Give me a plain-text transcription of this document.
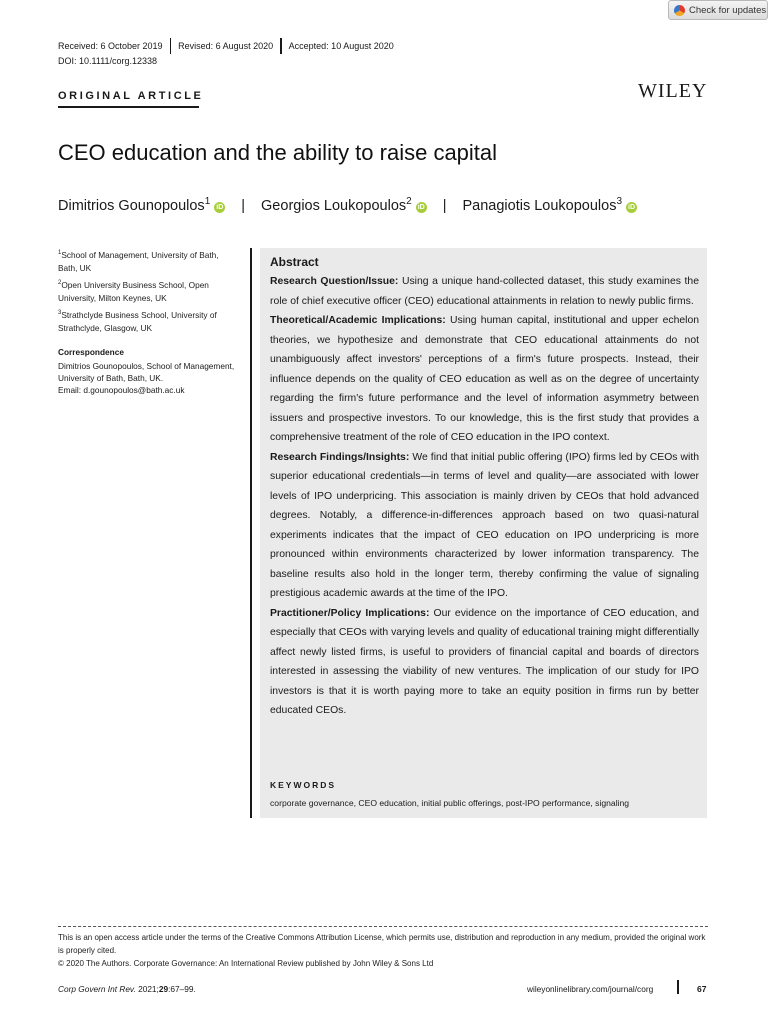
Check for updates
Received: 6 October 2019 Revised: 6 August 2020 Accepted: 10 August 2020
DOI: 10.1111/corg.12338
ORIGINAL ARTICLE	WILEY
CEO education and the ability to raise capital
Dimitrios Gounopoulos$^1$iD | Georgios Loukopoulos$^2$iD | Panagiotis Loukopoulos$^3$iD
$^1$School of Management, University of Bath, Bath, UK
$^2$Open University Business School, Open University, Milton Keynes, UK
$^3$Strathclyde Business School, University of Strathclyde, Glasgow, UK
Correspondence
Dimitrios Gounopoulos, School of Management, University of Bath, Bath, UK.
Email: d.gounopoulos@bath.ac.uk
Abstract

Research Question/Issue: Using a unique hand-collected dataset, this study examines the role of chief executive officer (CEO) educational attainments in relation to newly public firms.

Theoretical/Academic Implications: Using human capital, institutional and upper echelon theories, we hypothesize and demonstrate that CEO educational attainments do not unambiguously affect investors' perceptions of a firm's future prospects. Instead, their influence depends on the quality of CEO education as well as on the degree of uncertainty regarding the firm's future performance and the level of information asymmetry between issuers and prospective investors. To our knowledge, this is the first study that provides a comprehensive treatment of the role of CEO education in the IPO context.

Research Findings/Insights: We find that initial public offering (IPO) firms led by CEOs with superior educational credentials—in terms of level and quality—are associated with lower levels of IPO underpricing. This association is mainly driven by CEOs that hold advanced degrees. Notably, a difference-in-differences approach based on two quasi-natural experiments indicates that the impact of CEO education on IPO underpricing is more pronounced within environments characterized by lower information transparency. The baseline results also hold in the longer term, thereby confirming the value of signaling prestigious academic awards at the time of the IPO.

Practitioner/Policy Implications: Our evidence on the importance of CEO education, and especially that CEOs with varying levels and quality of educational training might differentially affect newly listed firms, is useful to providers of financial capital and boards of directors interested in assessing the viability of new ventures. The implication of our study for IPO investors is that it is worth paying more to take an equity position in firms run by better educated CEOs.

KEYWORDS
corporate governance, CEO education, initial public offerings, post-IPO performance, signaling
This is an open access article under the terms of the Creative Commons Attribution License, which permits use, distribution and reproduction in any medium, provided the original work is properly cited.
© 2020 The Authors. Corporate Governance: An International Review published by John Wiley & Sons Ltd
Corp Govern Int Rev. 2021;29:67–99.	wileyonlinelibrary.com/journal/corg	67
